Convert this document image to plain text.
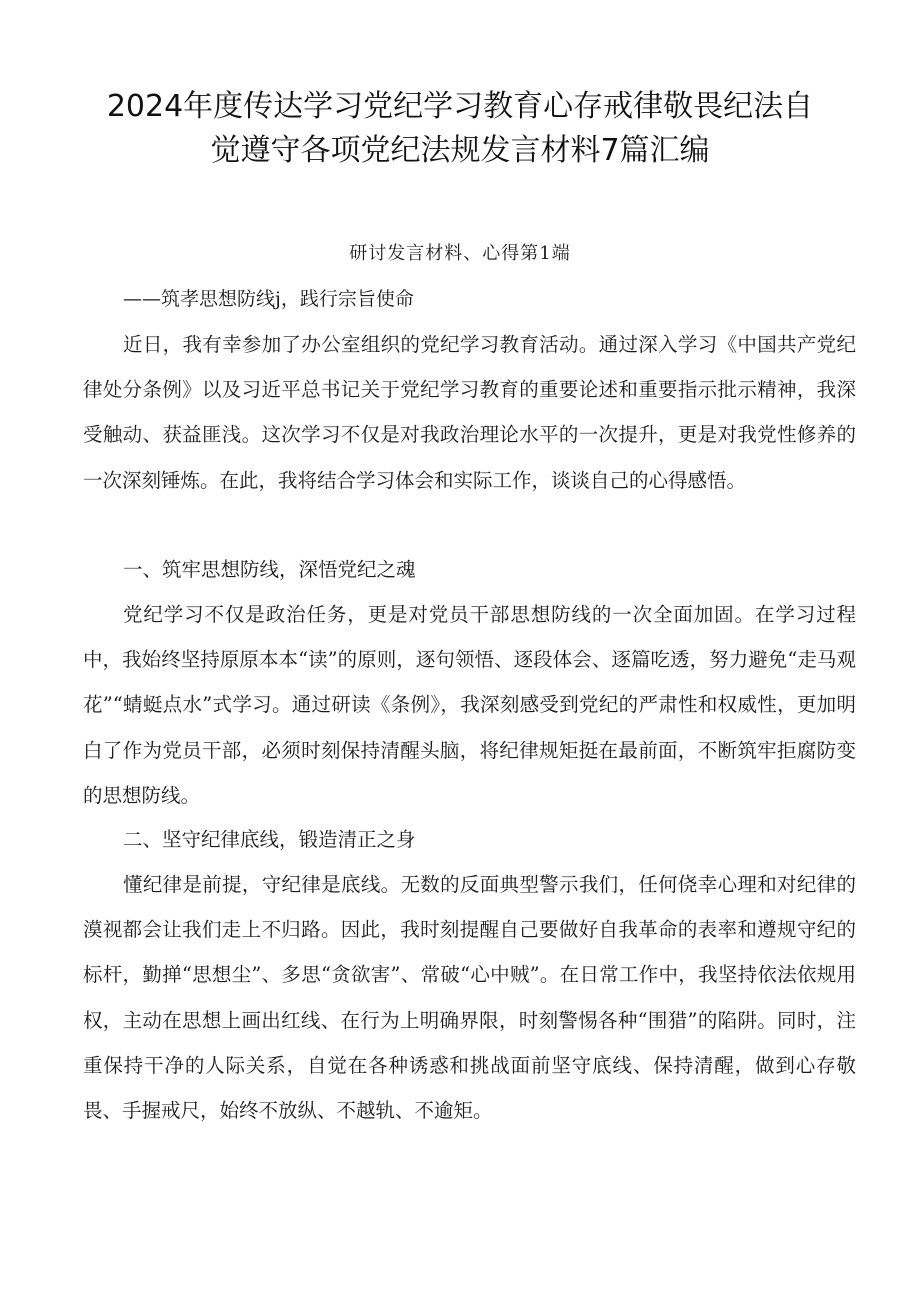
2024年度传达学习党纪学习教育心存戒律敬畏纪法自
觉遵守各项党纪法规发言材料7篇汇编
研讨发言材料、心得第1端
——筑孝思想防线j，践行宗旨使命

近日，我有幸参加了办公室组织的党纪学习教育活动。通过深入学习《中国共产党纪律处分条例》以及习近平总书记关于党纪学习教育的重要论述和重要指示批示精神，我深受触动、获益匪浅。这次学习不仅是对我政治理论水平的一次提升，更是对我党性修养的一次深刻锤炼。在此，我将结合学习体会和实际工作，谈谈自己的心得感悟。

一、筑牢思想防线，深悟党纪之魂

党纪学习不仅是政治任务，更是对党员干部思想防线的一次全面加固。在学习过程中，我始终坚持原原本本“读”的原则，逐句领悟、逐段体会、逐篇吃透，努力避免“走马观花”“蜻蜓点水”式学习。通过研读《条例》，我深刻感受到党纪的严肃性和权威性，更加明白了作为党员干部，必须时刻保持清醒头脑，将纪律规矩挺在最前面，不断筑牢拒腐防变的思想防线。

二、坚守纪律底线，锻造清正之身

懂纪律是前提，守纪律是底线。无数的反面典型警示我们，任何侥幸心理和对纪律的漠视都会让我们走上不归路。因此，我时刻提醒自己要做好自我革命的表率和遵规守纪的标杆，勤掸“思想尘”、多思“贪欲害”、常破“心中贼”。在日常工作中，我坚持依法依规用权，主动在思想上画出红线、在行为上明确界限，时刻警惕各种“围猎”的陷阱。同时，注重保持干净的人际关系，自觉在各种诱惑和挑战面前坚守底线、保持清醒，做到心存敬畏、手握戒尺，始终不放纵、不越轨、不逾矩。
